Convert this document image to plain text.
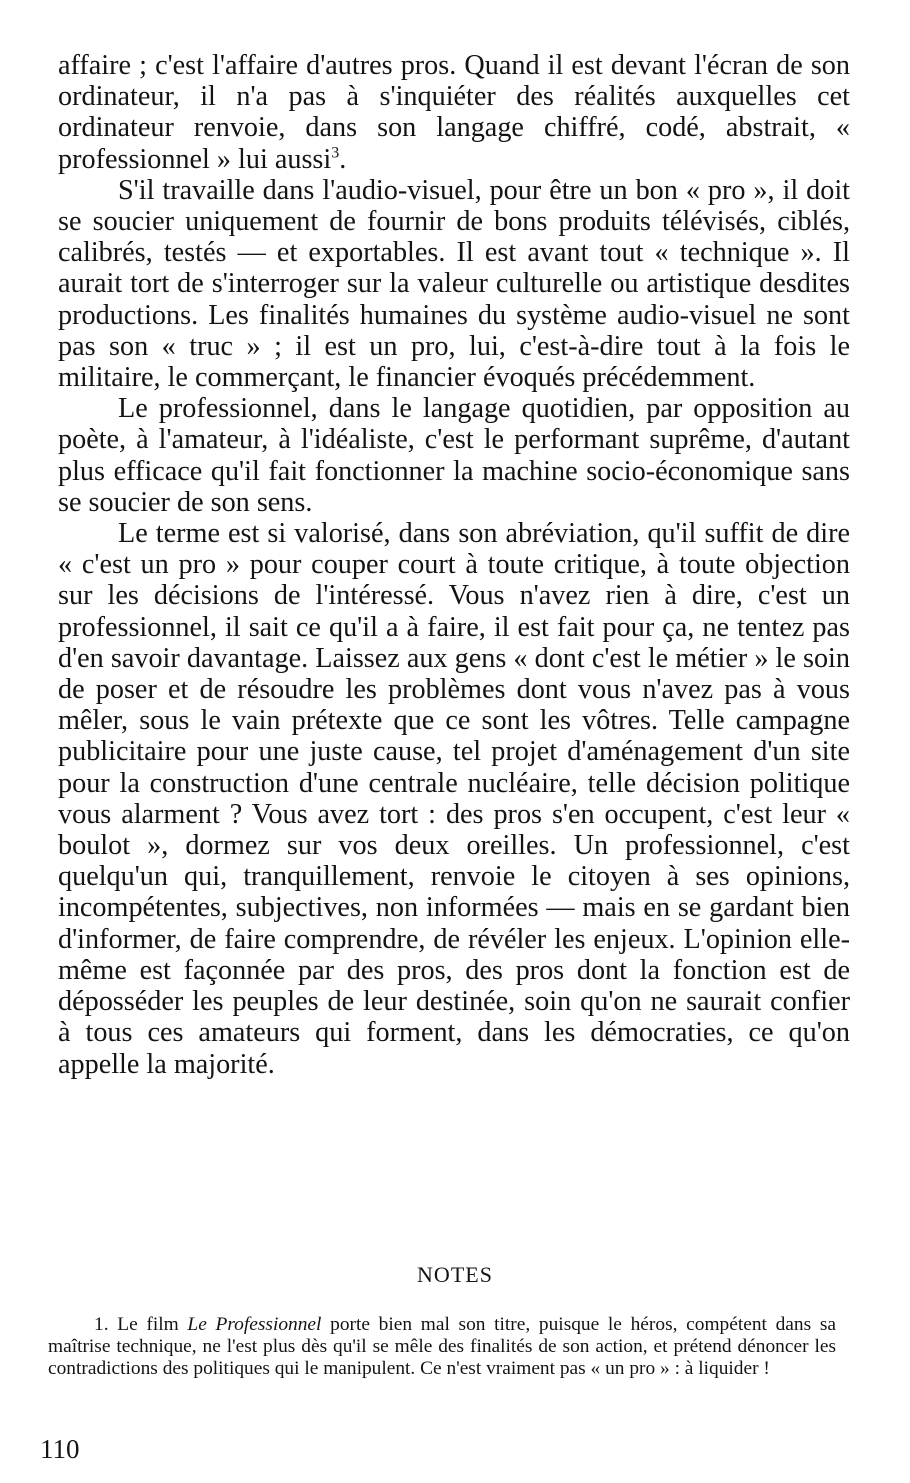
affaire ; c'est l'affaire d'autres pros. Quand il est devant l'écran de son ordinateur, il n'a pas à s'inquiéter des réalités auxquelles cet ordinateur renvoie, dans son langage chiffré, codé, abstrait, « professionnel » lui aussi$^3$.

S'il travaille dans l'audio-visuel, pour être un bon « pro », il doit se soucier uniquement de fournir de bons produits télévisés, ciblés, calibrés, testés — et exportables. Il est avant tout « technique ». Il aurait tort de s'interroger sur la valeur culturelle ou artistique desdites productions. Les finalités humaines du système audio-visuel ne sont pas son « truc » ; il est un pro, lui, c'est-à-dire tout à la fois le militaire, le commerçant, le financier évoqués précédemment.

Le professionnel, dans le langage quotidien, par opposition au poète, à l'amateur, à l'idéaliste, c'est le performant suprême, d'autant plus efficace qu'il fait fonctionner la machine socio-économique sans se soucier de son sens.

Le terme est si valorisé, dans son abréviation, qu'il suffit de dire « c'est un pro » pour couper court à toute critique, à toute objection sur les décisions de l'intéressé. Vous n'avez rien à dire, c'est un professionnel, il sait ce qu'il a à faire, il est fait pour ça, ne tentez pas d'en savoir davantage. Laissez aux gens « dont c'est le métier » le soin de poser et de résoudre les problèmes dont vous n'avez pas à vous mêler, sous le vain prétexte que ce sont les vôtres. Telle campagne publicitaire pour une juste cause, tel projet d'aménagement d'un site pour la construction d'une centrale nucléaire, telle décision politique vous alarment ? Vous avez tort : des pros s'en occupent, c'est leur « boulot », dormez sur vos deux oreilles. Un professionnel, c'est quelqu'un qui, tranquillement, renvoie le citoyen à ses opinions, incompétentes, subjectives, non informées — mais en se gardant bien d'informer, de faire comprendre, de révéler les enjeux. L'opinion elle-même est façonnée par des pros, des pros dont la fonction est de déposséder les peuples de leur destinée, soin qu'on ne saurait confier à tous ces amateurs qui forment, dans les démocraties, ce qu'on appelle la majorité.

NOTES

1. Le film Le Professionnel porte bien mal son titre, puisque le héros, compétent dans sa maîtrise technique, ne l'est plus dès qu'il se mêle des finalités de son action, et prétend dénoncer les contradictions des politiques qui le manipulent. Ce n'est vraiment pas « un pro » : à liquider !

110
